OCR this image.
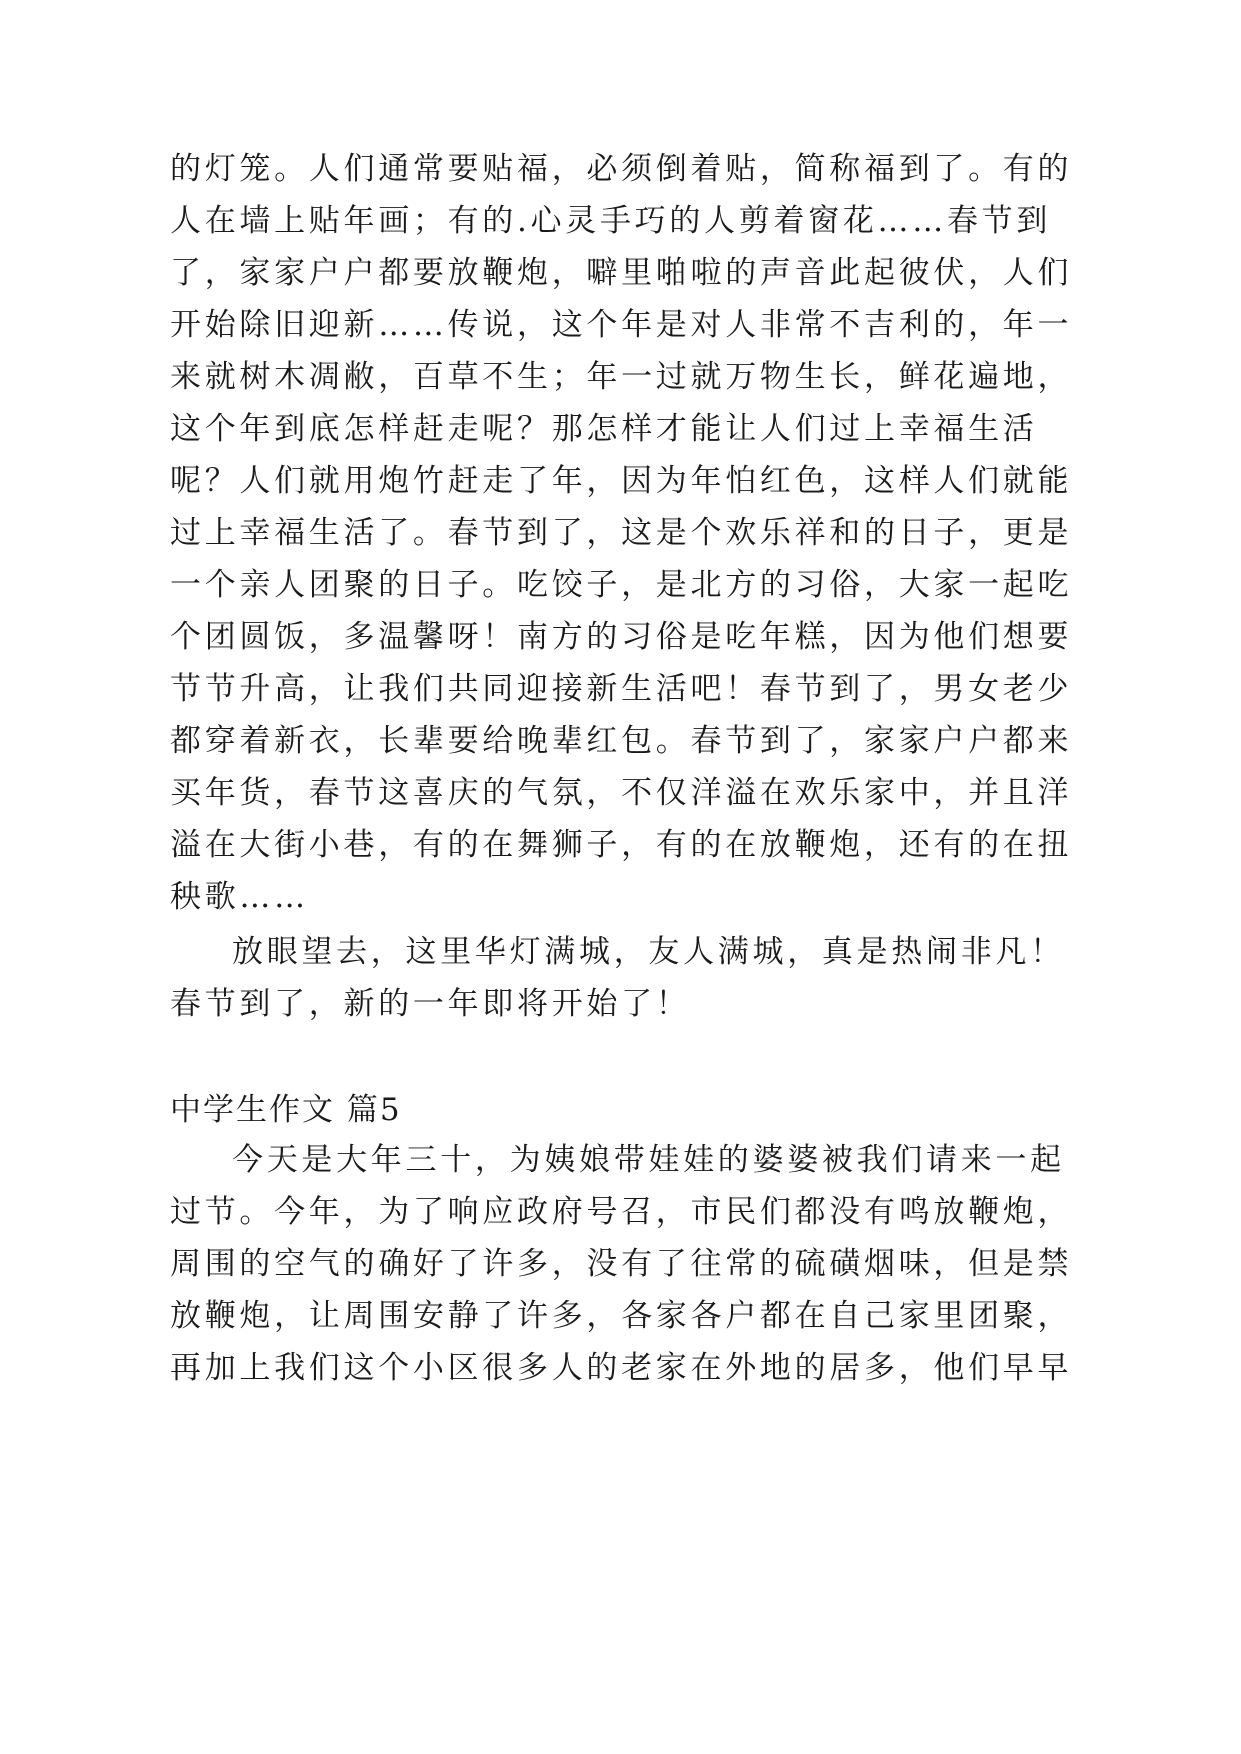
的灯笼。人们通常要贴福，必须倒着贴，简称福到了。有的
人在墙上贴年画；有的.心灵手巧的人剪着窗花……春节到
了，家家户户都要放鞭炮，噼里啪啦的声音此起彼伏，人们
开始除旧迎新……传说，这个年是对人非常不吉利的，年一
来就树木凋敝，百草不生；年一过就万物生长，鲜花遍地，
这个年到底怎样赶走呢？那怎样才能让人们过上幸福生活
呢？人们就用炮竹赶走了年，因为年怕红色，这样人们就能
过上幸福生活了。春节到了，这是个欢乐祥和的日子，更是
一个亲人团聚的日子。吃饺子，是北方的习俗，大家一起吃
个团圆饭，多温馨呀！南方的习俗是吃年糕，因为他们想要
节节升高，让我们共同迎接新生活吧！春节到了，男女老少
都穿着新衣，长辈要给晚辈红包。春节到了，家家户户都来
买年货，春节这喜庆的气氛，不仅洋溢在欢乐家中，并且洋
溢在大街小巷，有的在舞狮子，有的在放鞭炮，还有的在扭
秧歌……
放眼望去，这里华灯满城，友人满城，真是热闹非凡！
春节到了，新的一年即将开始了！
中学生作文 篇5
今天是大年三十，为姨娘带娃娃的婆婆被我们请来一起
过节。今年，为了响应政府号召，市民们都没有鸣放鞭炮，
周围的空气的确好了许多，没有了往常的硫磺烟味，但是禁
放鞭炮，让周围安静了许多，各家各户都在自己家里团聚，
再加上我们这个小区很多人的老家在外地的居多，他们早早
